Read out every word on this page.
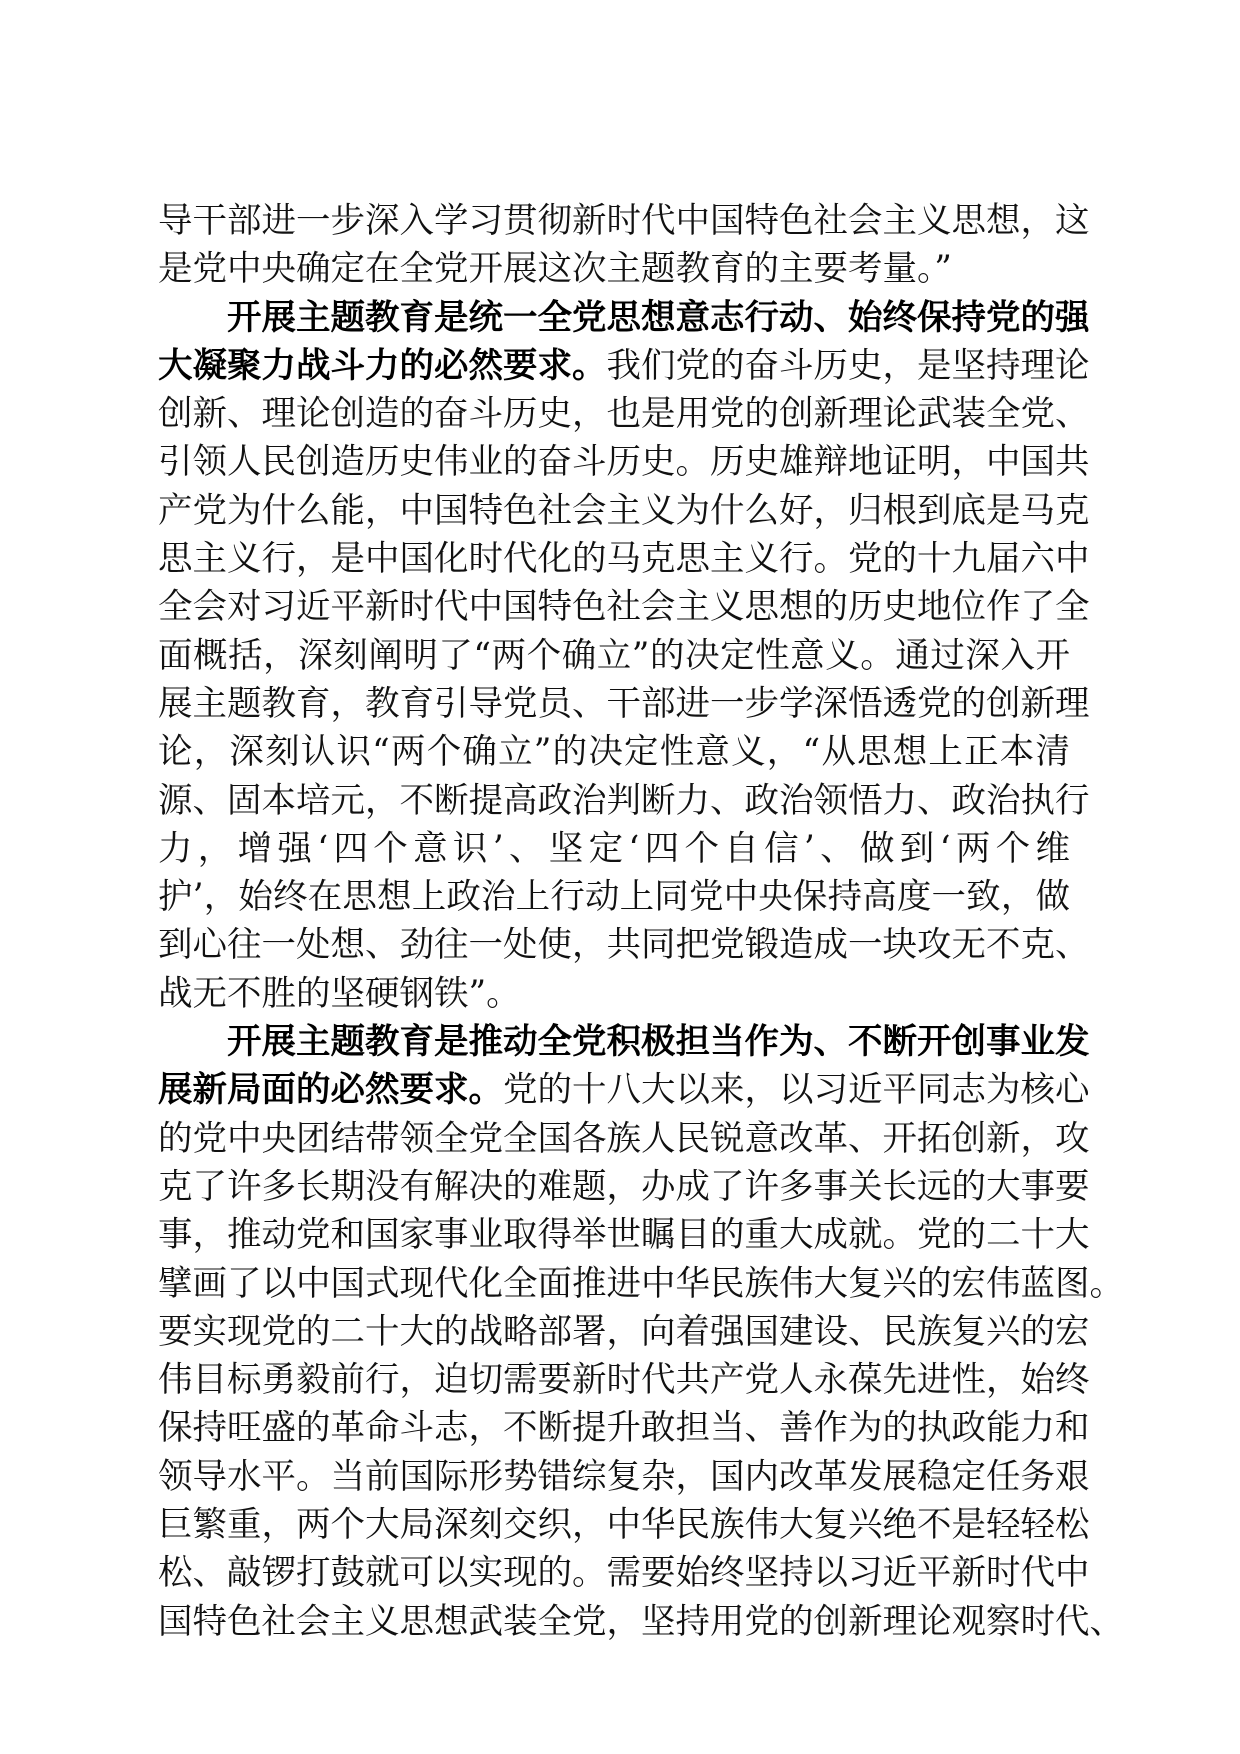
导干部进一步深入学习贯彻新时代中国特色社会主义思想，这
是党中央确定在全党开展这次主题教育的主要考量。”
开展主题教育是统一全党思想意志行动、始终保持党的强
大凝聚力战斗力的必然要求。我们党的奋斗历史，是坚持理论
创新、理论创造的奋斗历史，也是用党的创新理论武装全党、
引领人民创造历史伟业的奋斗历史。历史雄辩地证明，中国共
产党为什么能，中国特色社会主义为什么好，归根到底是马克
思主义行，是中国化时代化的马克思主义行。党的十九届六中
全会对习近平新时代中国特色社会主义思想的历史地位作了全
面概括，深刻阐明了“两个确立”的决定性意义。通过深入开
展主题教育，教育引导党员、干部进一步学深悟透党的创新理
论，深刻认识“两个确立”的决定性意义，“从思想上正本清
源、固本培元，不断提高政治判断力、政治领悟力、政治执行
力，增强‘四个意识’、坚定‘四个自信’、做到‘两个维
护’，始终在思想上政治上行动上同党中央保持高度一致，做
到心往一处想、劲往一处使，共同把党锻造成一块攻无不克、
战无不胜的坚硬钢铁”。
开展主题教育是推动全党积极担当作为、不断开创事业发
展新局面的必然要求。党的十八大以来，以习近平同志为核心
的党中央团结带领全党全国各族人民锐意改革、开拓创新，攻
克了许多长期没有解决的难题，办成了许多事关长远的大事要
事，推动党和国家事业取得举世瞩目的重大成就。党的二十大
擘画了以中国式现代化全面推进中华民族伟大复兴的宏伟蓝图。
要实现党的二十大的战略部署，向着强国建设、民族复兴的宏
伟目标勇毅前行，迫切需要新时代共产党人永葆先进性，始终
保持旺盛的革命斗志，不断提升敢担当、善作为的执政能力和
领导水平。当前国际形势错综复杂，国内改革发展稳定任务艰
巨繁重，两个大局深刻交织，中华民族伟大复兴绝不是轻轻松
松、敲锣打鼓就可以实现的。需要始终坚持以习近平新时代中
国特色社会主义思想武装全党，坚持用党的创新理论观察时代、
